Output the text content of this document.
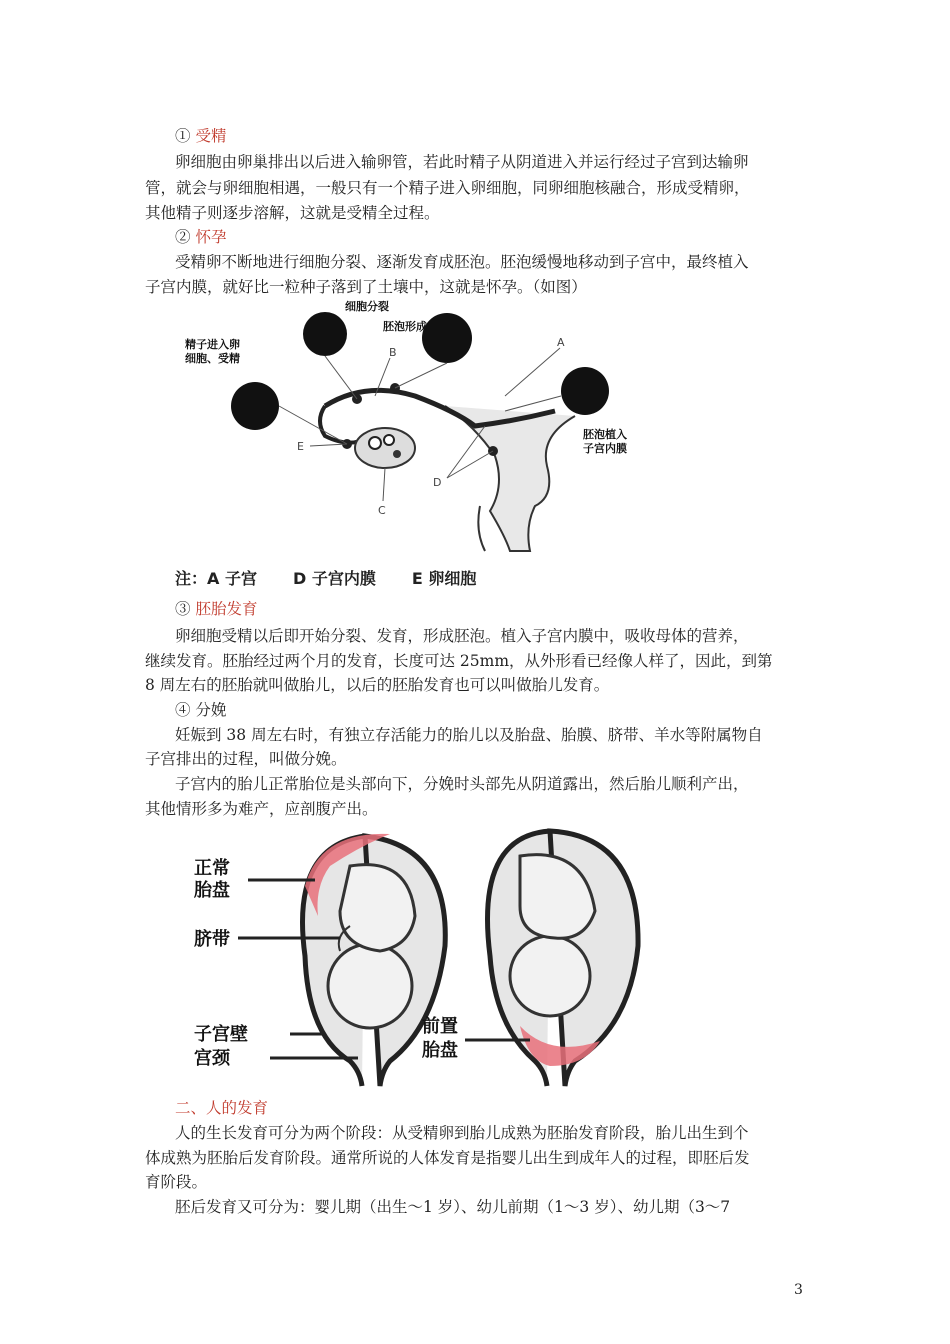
① 受精
卵细胞由卵巢排出以后进入输卵管，若此时精子从阴道进入并运行经过子宫到达输卵
管，就会与卵细胞相遇，一般只有一个精子进入卵细胞，同卵细胞核融合，形成受精卵，
其他精子则逐步溶解，这就是受精全过程。
② 怀孕
受精卵不断地进行细胞分裂、逐渐发育成胚泡。胚泡缓慢地移动到子宫中，最终植入
子宫内膜，就好比一粒种子落到了土壤中，这就是怀孕。（如图）
精子进入卵
细胞、受精
细胞分裂
胚泡形成
胚泡植入
子宫内膜
A
B
C
D
E
注：A 子宫 D 子宫内膜 E 卵细胞
③ 胚胎发育
卵细胞受精以后即开始分裂、发育，形成胚泡。植入子宫内膜中，吸收母体的营养，
继续发育。胚胎经过两个月的发育，长度可达 25mm，从外形看已经像人样了，因此，到第
8 周左右的胚胎就叫做胎儿，以后的胚胎发育也可以叫做胎儿发育。
④ 分娩
妊娠到 38 周左右时，有独立存活能力的胎儿以及胎盘、胎膜、脐带、羊水等附属物自
子宫排出的过程，叫做分娩。
子宫内的胎儿正常胎位是头部向下，分娩时头部先从阴道露出，然后胎儿顺利产出，
其他情形多为难产，应剖腹产出。
正常
胎盘
脐带
子宫壁
宫颈
前置
胎盘
二、人的发育
人的生长发育可分为两个阶段：从受精卵到胎儿成熟为胚胎发育阶段，胎儿出生到个
体成熟为胚胎后发育阶段。通常所说的人体发育是指婴儿出生到成年人的过程，即胚后发
育阶段。
胚后发育又可分为：婴儿期（出生～1 岁）、幼儿前期（1～3 岁）、幼儿期（3～7
3
